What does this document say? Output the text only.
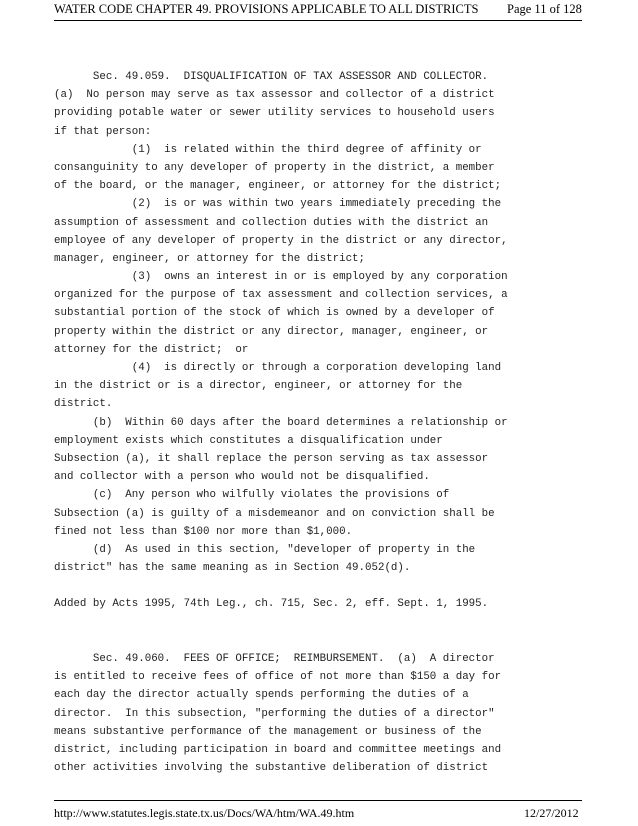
WATER CODE CHAPTER 49. PROVISIONS APPLICABLE TO ALL DISTRICTS Page 11 of 128
Sec. 49.059.  DISQUALIFICATION OF TAX ASSESSOR AND COLLECTOR.
(a)  No person may serve as tax assessor and collector of a district
providing potable water or sewer utility services to household users
if that person:
(1)  is related within the third degree of affinity or
consanguinity to any developer of property in the district, a member
of the board, or the manager, engineer, or attorney for the district;
(2)  is or was within two years immediately preceding the
assumption of assessment and collection duties with the district an
employee of any developer of property in the district or any director,
manager, engineer, or attorney for the district;
(3)  owns an interest in or is employed by any corporation
organized for the purpose of tax assessment and collection services, a
substantial portion of the stock of which is owned by a developer of
property within the district or any director, manager, engineer, or
attorney for the district;  or
(4)  is directly or through a corporation developing land
in the district or is a director, engineer, or attorney for the
district.
(b)  Within 60 days after the board determines a relationship or
employment exists which constitutes a disqualification under
Subsection (a), it shall replace the person serving as tax assessor
and collector with a person who would not be disqualified.
(c)  Any person who wilfully violates the provisions of
Subsection (a) is guilty of a misdemeanor and on conviction shall be
fined not less than $100 nor more than $1,000.
(d)  As used in this section, "developer of property in the
district" has the same meaning as in Section 49.052(d).
Added by Acts 1995, 74th Leg., ch. 715, Sec. 2, eff. Sept. 1, 1995.
Sec. 49.060.  FEES OF OFFICE;  REIMBURSEMENT.  (a)  A director
is entitled to receive fees of office of not more than $150 a day for
each day the director actually spends performing the duties of a
director.  In this subsection, "performing the duties of a director"
means substantive performance of the management or business of the
district, including participation in board and committee meetings and
other activities involving the substantive deliberation of district
http://www.statutes.legis.state.tx.us/Docs/WA/htm/WA.49.htm	12/27/2012
